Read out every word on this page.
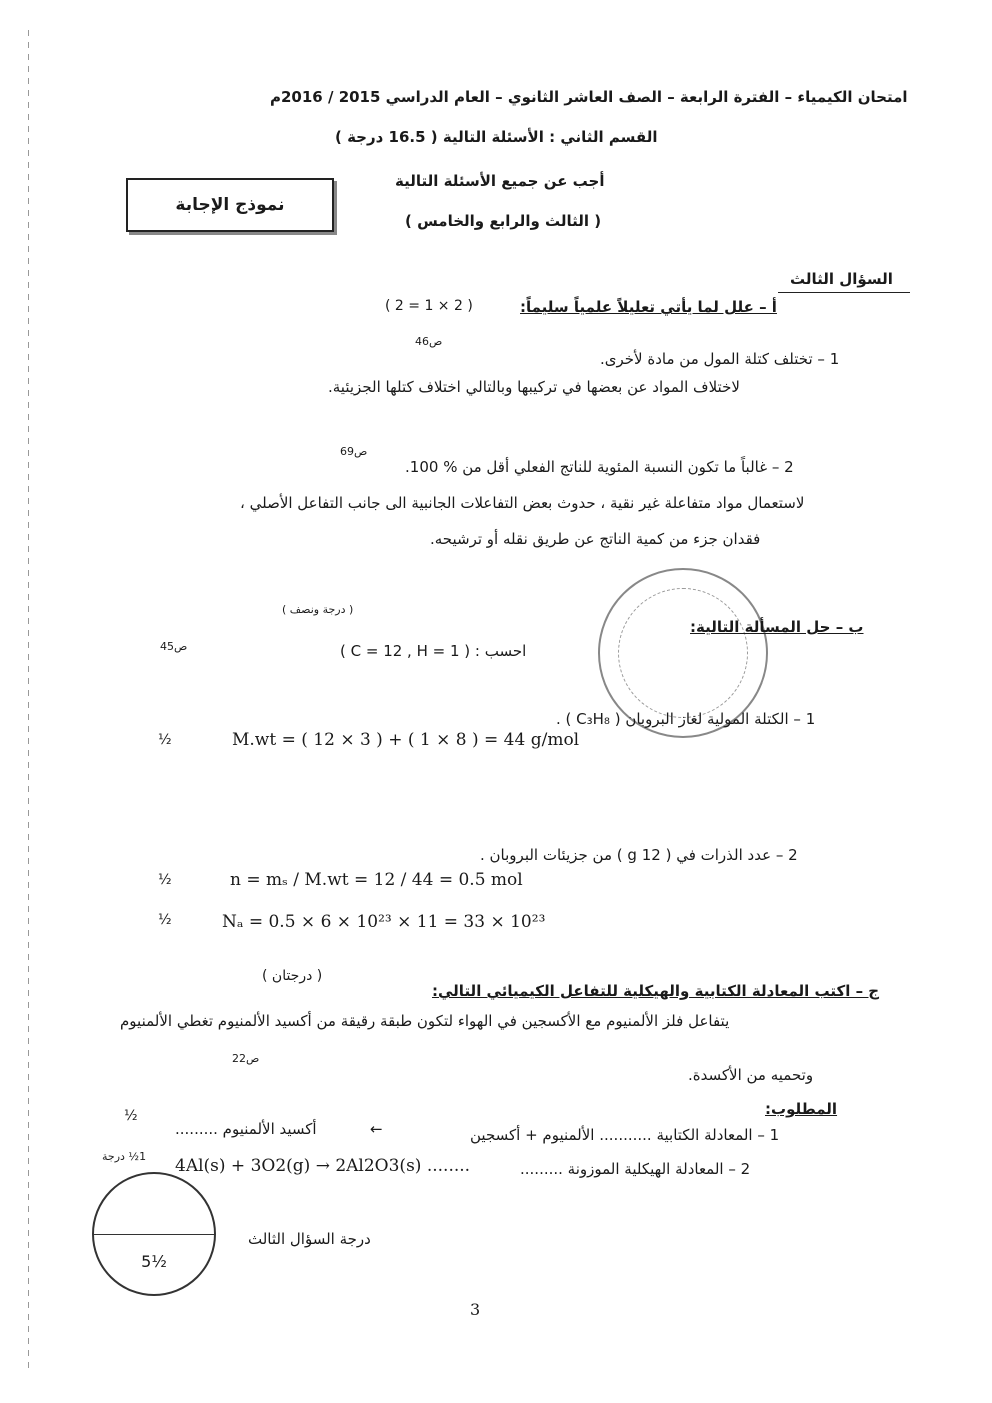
امتحان الكيمياء – الفترة الرابعة – الصف العاشر الثانوي – العام الدراسي 2015 / 2016م
القسم الثاني : الأسئلة التالية ( 16.5 درجة )
أجب عن جميع الأسئلة التالية
( الثالث والرابع والخامس )
نموذج الإجابة
السؤال الثالث
( 2 = 1 × 2 )	أ – علل لما يأتي تعليلاً علمياً سليماً:
ص46
1 – تختلف كتلة المول من مادة لأخرى.
لاختلاف المواد عن بعضها في تركيبها وبالتالي اختلاف كتلها الجزيئية.
ص69
2 – غالباً ما تكون النسبة المئوية للناتج الفعلي أقل من % 100.
لاستعمال مواد متفاعلة غير نقية ، حدوث بعض التفاعلات الجانبية الى جانب التفاعل الأصلي ،
فقدان جزء من كمية الناتج عن طريق نقله أو ترشيحه.
( درجة ونصف )
ب – حل المسألة التالية:
ص45	احسب : ( C = 12 , H = 1 )
1 – الكتلة المولية لغاز البروبان ( C₃H₈ ) .
½	M.wt = ( 12 × 3 ) + ( 1 × 8 ) = 44 g/mol
2 – عدد الذرات في ( 12 g ) من جزيئات البروبان .
½	n = mₛ / M.wt = 12 / 44 = 0.5 mol
½	Nₐ = 0.5 × 6 × 10²³ × 11 = 33 × 10²³
( درجتان )
ج – اكتب المعادلة الكتابية والهيكلية للتفاعل الكيميائي التالي:
يتفاعل فلز الألمنيوم مع الأكسجين في الهواء لتكون طبقة رقيقة من أكسيد الألمنيوم تغطي الألمنيوم
ص22
وتحميه من الأكسدة.
المطلوب:
½
أكسيد الألمنيوم .........	←	1 – المعادلة الكتابية ........... الألمنيوم + أكسجين
1½ درجة 4Al(s) + 3O2(g) → 2Al2O3(s) ........	2 – المعادلة الهيكلية الموزونة .........
5½
درجة السؤال الثالث
3
